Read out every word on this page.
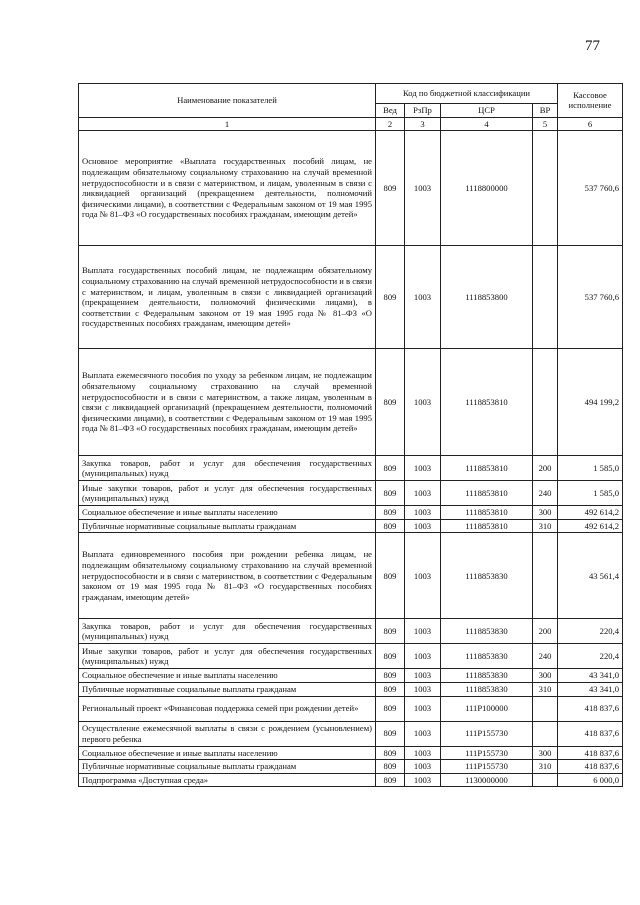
77
Наименование показателей	Код по бюджетной классификации				Кассовое исполнение
	Вед	РзПр	ЦСР	ВР	
1	2	3	4	5	6
Основное мероприятие «Выплата государственных пособий лицам, не подлежащим обязательному социальному страхованию на случай временной нетрудоспособности и в связи с материнством, и лицам, уволенным в связи с ликвидацией организаций (прекращением деятельности, полномочий физическими лицами), в соответствии с Федеральным законом от 19 мая 1995 года № 81–ФЗ «О государственных пособиях гражданам, имеющим детей»	809	1003	1118800000		537 760,6
Выплата государственных пособий лицам, не подлежащим обязательному социальному страхованию на случай временной нетрудоспособности и в связи с материнством, и лицам, уволенным в связи с ликвидацией организаций (прекращением деятельности, полномочий физическими лицами), в соответствии с Федеральным законом от 19 мая 1995 года № 81–ФЗ «О государственных пособиях гражданам, имеющим детей»	809	1003	1118853800		537 760,6
Выплата ежемесячного пособия по уходу за ребенком лицам, не подлежащим обязательному социальному страхованию на случай временной нетрудоспособности и в связи с материнством, а также лицам, уволенным в связи с ликвидацией организаций (прекращением деятельности, полномочий физическими лицами), в соответствии с Федеральным законом от 19 мая 1995 года № 81–ФЗ «О государственных пособиях гражданам, имеющим детей»	809	1003	1118853810		494 199,2
Закупка товаров, работ и услуг для обеспечения государственных (муниципальных) нужд	809	1003	1118853810	200	1 585,0
Иные закупки товаров, работ и услуг для обеспечения государственных (муниципальных) нужд	809	1003	1118853810	240	1 585,0
Социальное обеспечение и иные выплаты населению	809	1003	1118853810	300	492 614,2
Публичные нормативные социальные выплаты гражданам	809	1003	1118853810	310	492 614,2
Выплата единовременного пособия при рождении ребенка лицам, не подлежащим обязательному социальному страхованию на случай временной нетрудоспособности и в связи с материнством, в соответствии с Федеральным законом от 19 мая 1995 года № 81–ФЗ «О государственных пособиях гражданам, имеющим детей»	809	1003	1118853830		43 561,4
Закупка товаров, работ и услуг для обеспечения государственных (муниципальных) нужд	809	1003	1118853830	200	220,4
Иные закупки товаров, работ и услуг для обеспечения государственных (муниципальных) нужд	809	1003	1118853830	240	220,4
Социальное обеспечение и иные выплаты населению	809	1003	1118853830	300	43 341,0
Публичные нормативные социальные выплаты гражданам	809	1003	1118853830	310	43 341,0
Региональный проект «Финансовая поддержка семей при рождении детей»	809	1003	111P100000		418 837,6
Осуществление ежемесячной выплаты в связи с рождением (усыновлением) первого ребенка	809	1003	111P155730		418 837,6
Социальное обеспечение и иные выплаты населению	809	1003	111P155730	300	418 837,6
Публичные нормативные социальные выплаты гражданам	809	1003	111P155730	310	418 837,6
Подпрограмма «Доступная среда»	809	1003	1130000000		6 000,0
